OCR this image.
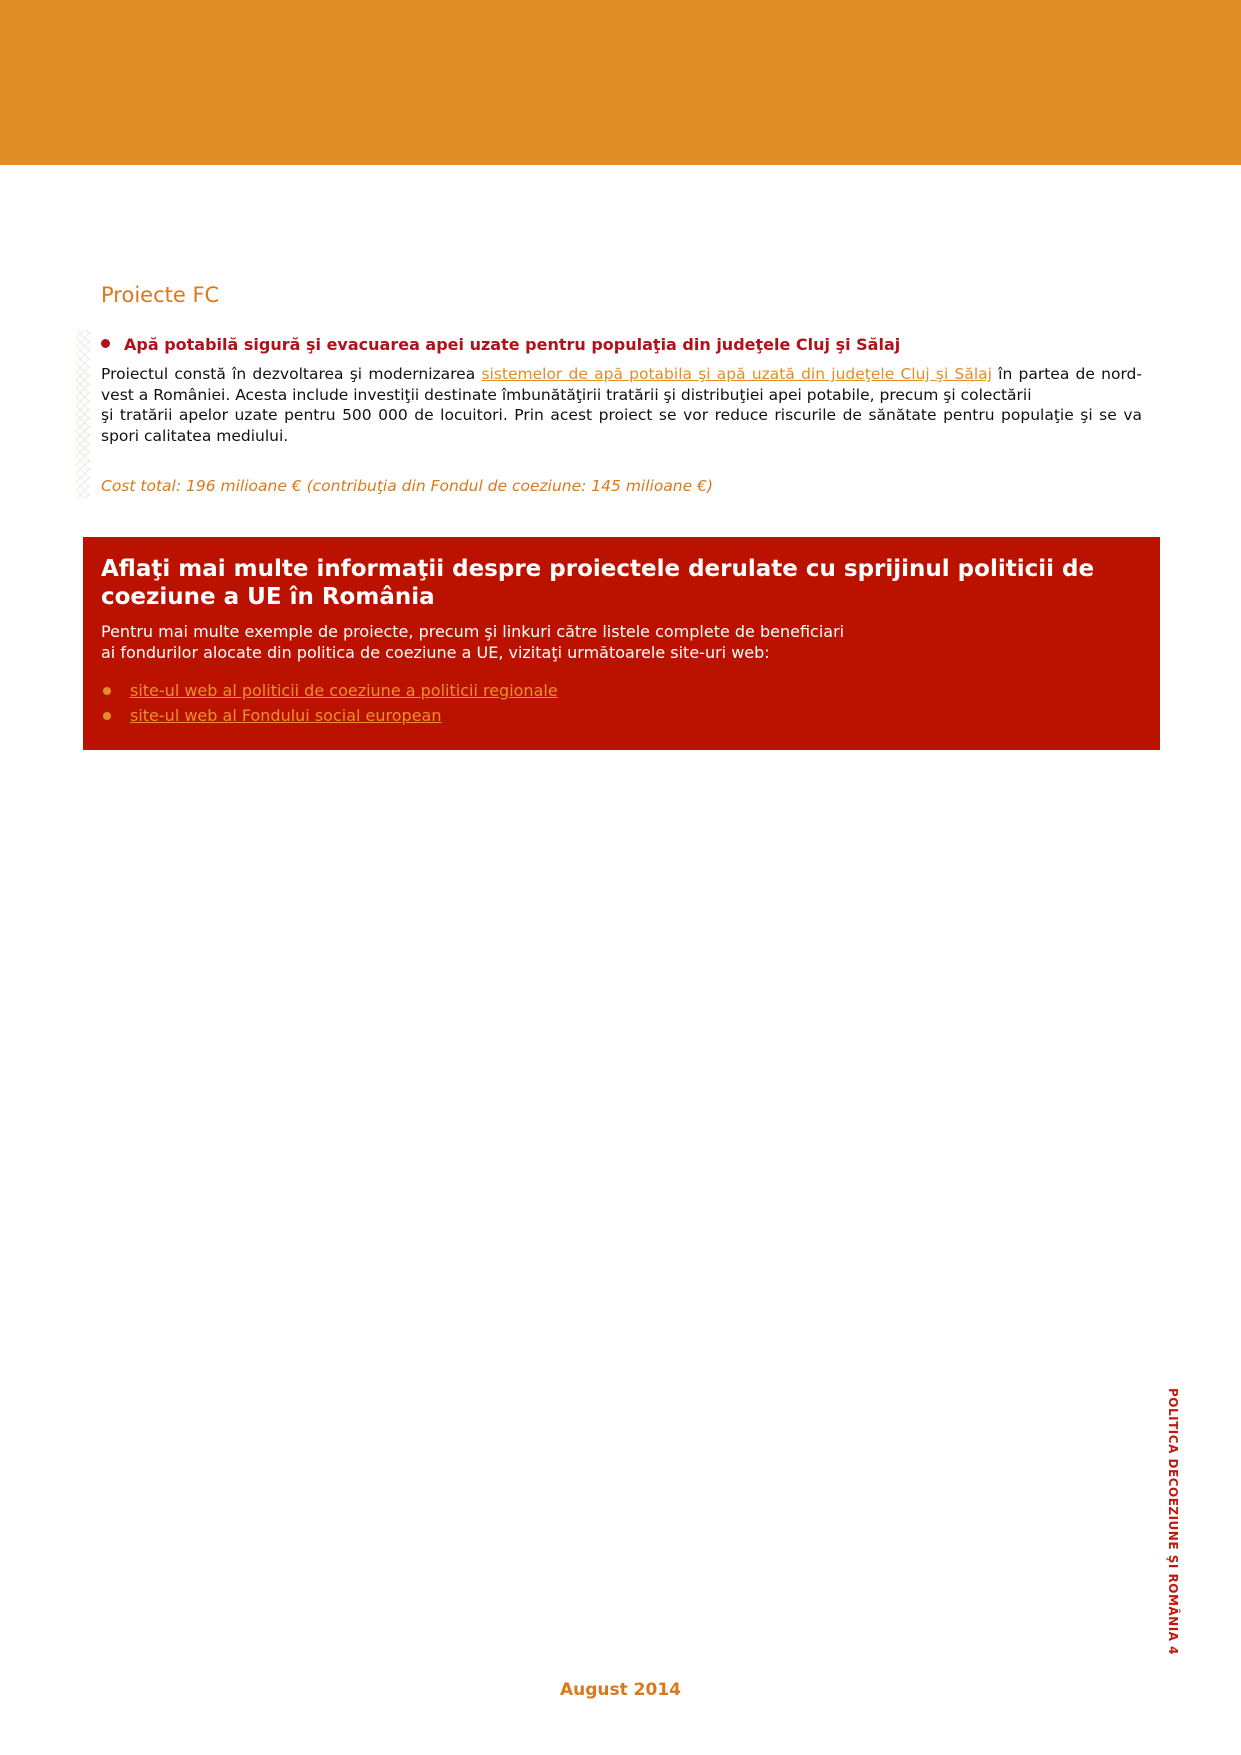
Proiecte FC
Apă potabilă sigură şi evacuarea apei uzate pentru populaţia din judeţele Cluj şi Sălaj

Proiectul constă în dezvoltarea şi modernizarea sistemelor de apă potabila şi apă uzată din judeţele Cluj şi Sălaj în partea de nord-vest a României. Acesta include investiţii destinate îmbunătăţirii tratării şi distribuţiei apei potabile, precum şi colectării

şi tratării apelor uzate pentru 500 000 de locuitori. Prin acest proiect se vor reduce riscurile de sănătate pentru populaţie şi se va spori calitatea mediului.

Cost total: 196 milioane € (contribuţia din Fondul de coeziune: 145 milioane €)
Aflaţi mai multe informaţii despre proiectele derulate cu sprijinul politicii de coeziune a UE în România

Pentru mai multe exemple de proiecte, precum şi linkuri către listele complete de beneficiari
ai fondurilor alocate din politica de coeziune a UE, vizitaţi următoarele site-uri web:

site-ul web al politicii de coeziune a politicii regionale
site-ul web al Fondului social european
POLITICA DECOEZIUNE ŞI ROMÂNIA 4
August 2014
